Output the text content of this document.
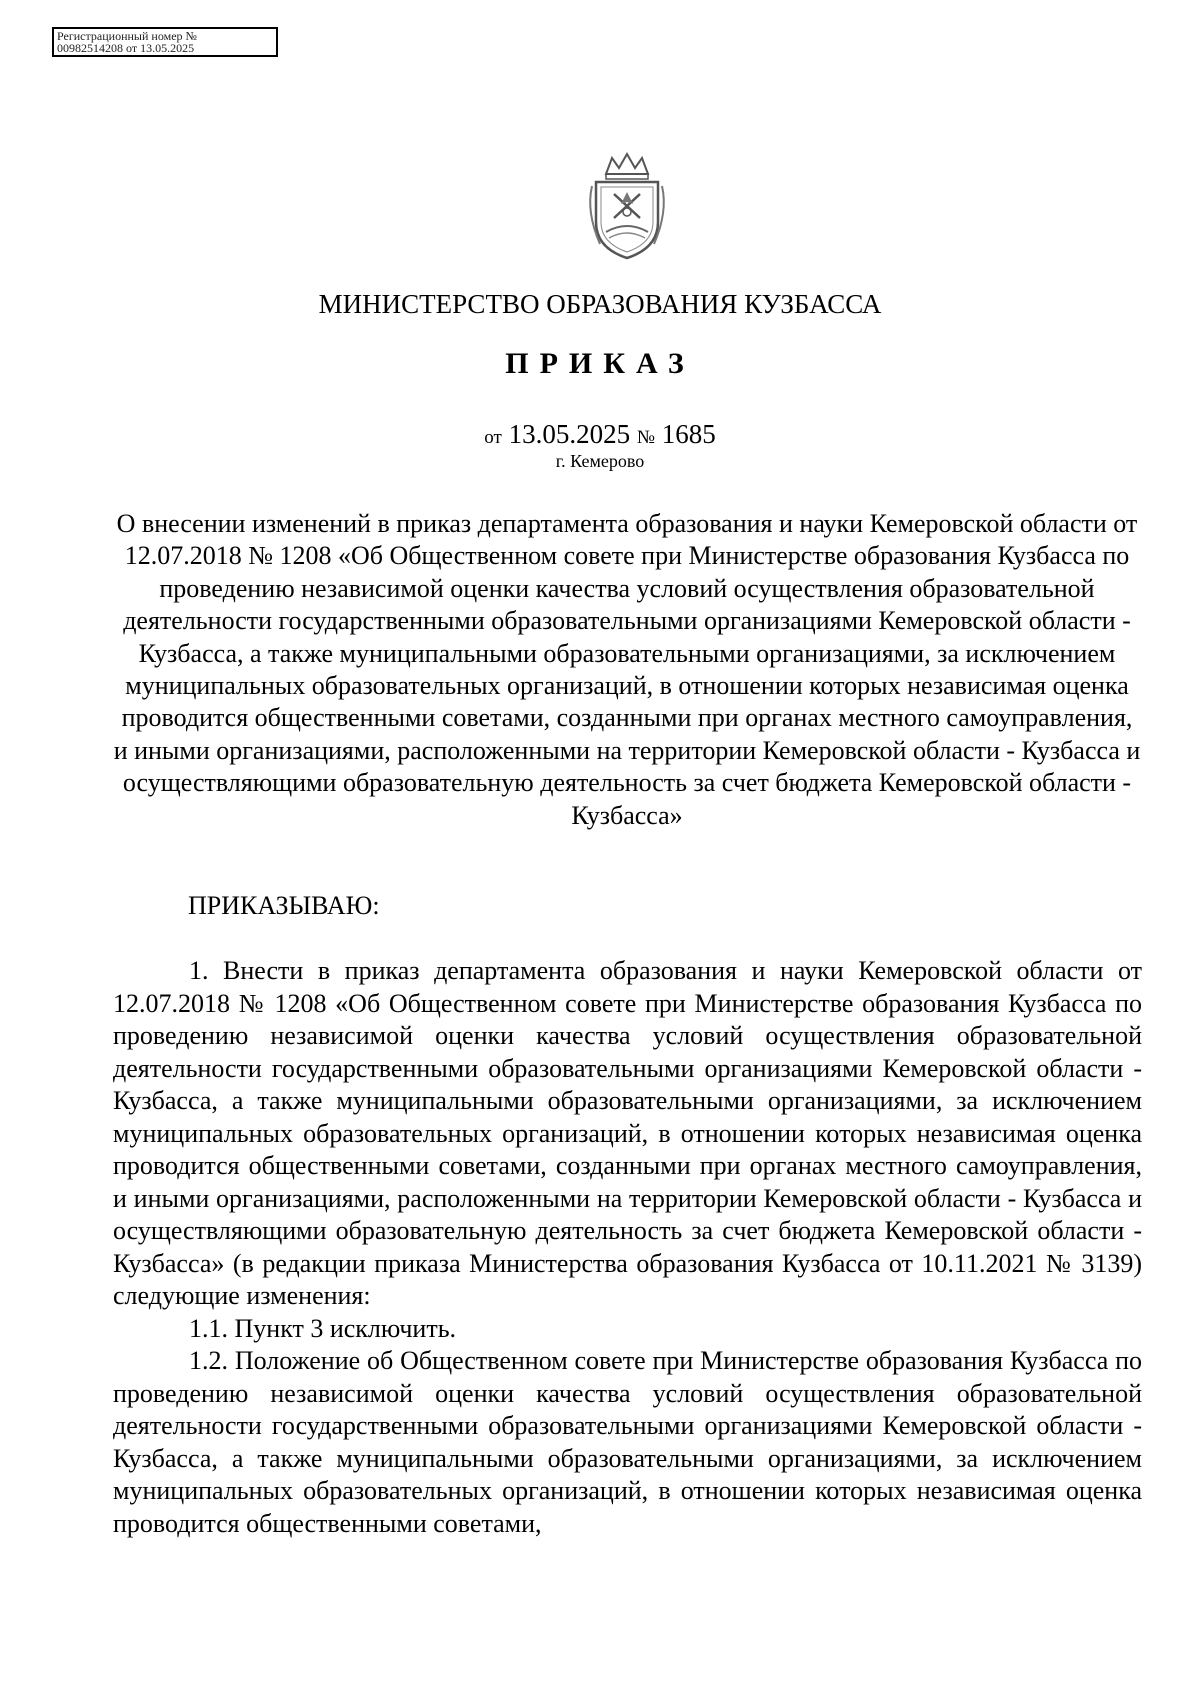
Регистрационный номер №
00982514208 от 13.05.2025
МИНИСТЕРСТВО ОБРАЗОВАНИЯ КУЗБАССА
ПРИКАЗ
от 13.05.2025 № 1685
г. Кемерово
О внесении изменений в приказ департамента образования и науки Кемеровской области от 12.07.2018 № 1208 «Об Общественном совете при Министерстве образования Кузбасса по проведению независимой оценки качества условий осуществления образовательной деятельности государственными образовательными организациями Кемеровской области - Кузбасса, а также муниципальными образовательными организациями, за исключением муниципальных образовательных организаций, в отношении которых независимая оценка проводится общественными советами, созданными при органах местного самоуправления, и иными организациями, расположенными на территории Кемеровской области - Кузбасса и осуществляющими образовательную деятельность за счет бюджета Кемеровской области - Кузбасса»
ПРИКАЗЫВАЮ:

1. Внести в приказ департамента образования и науки Кемеровской области от 12.07.2018 № 1208 «Об Общественном совете при Министерстве образования Кузбасса по проведению независимой оценки качества условий осуществления образовательной деятельности государственными образовательными организациями Кемеровской области - Кузбасса, а также муниципальными образовательными организациями, за исключением муниципальных образовательных организаций, в отношении которых независимая оценка проводится общественными советами, созданными при органах местного самоуправления, и иными организациями, расположенными на территории Кемеровской области - Кузбасса и осуществляющими образовательную деятельность за счет бюджета Кемеровской области - Кузбасса» (в редакции приказа Министерства образования Кузбасса от 10.11.2021 № 3139) следующие изменения:

1.1. Пункт 3 исключить.

1.2. Положение об Общественном совете при Министерстве образования Кузбасса по проведению независимой оценки качества условий осуществления образовательной деятельности государственными образовательными организациями Кемеровской области - Кузбасса, а также муниципальными образовательными организациями, за исключением муниципальных образовательных организаций, в отношении которых независимая оценка проводится общественными советами,
